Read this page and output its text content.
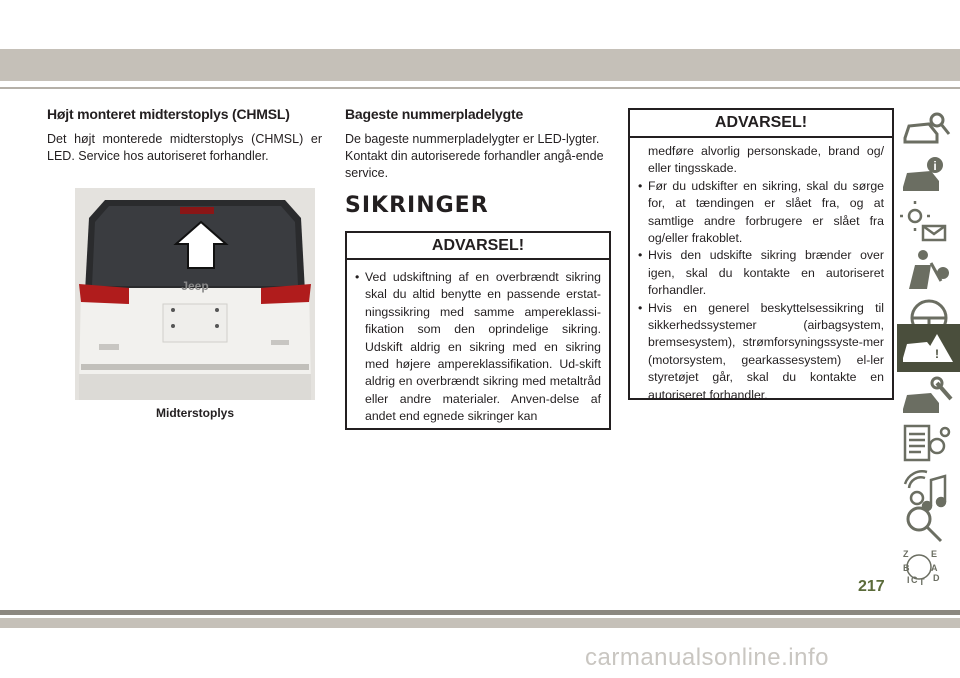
Højt monteret midterstoplys (CHMSL)
Det højt monterede midterstoplys (CHMSL) er LED. Service hos autoriseret forhandler.
Jeep
Midterstoplys
Bageste nummerpladelygte
De bageste nummerpladelygter er LED-lygter. Kontakt din autoriserede forhandler angå-ende service.
SIKRINGER
ADVARSEL!
• Ved udskiftning af en overbrændt sikring skal du altid benytte en passende erstat-ningssikring med samme ampereklassi-fikation som den oprindelige sikring. Udskift aldrig en sikring med en sikring med højere ampereklassifikation. Ud-skift aldrig en overbrændt sikring med metaltråd eller andre materialer. Anven-delse af andet end egnede sikringer kan
ADVARSEL!
medføre alvorlig personskade, brand og/ eller tingsskade.
• Før du udskifter en sikring, skal du sørge for, at tændingen er slået fra, og at samtlige andre forbrugere er slået fra og/eller frakoblet.
• Hvis den udskifte sikring brænder over igen, skal du kontakte en autoriseret forhandler.
• Hvis en generel beskyttelsessikring til sikkerhedssystemer (airbagsystem, bremsesystem), strømforsyningssyste-mer (motorsystem, gearkassesystem) el-ler styretøjet går, skal du kontakte en autoriseret forhandler.
i
!
Z	E
B A
C D
I T
217
carmanualsonline.info
